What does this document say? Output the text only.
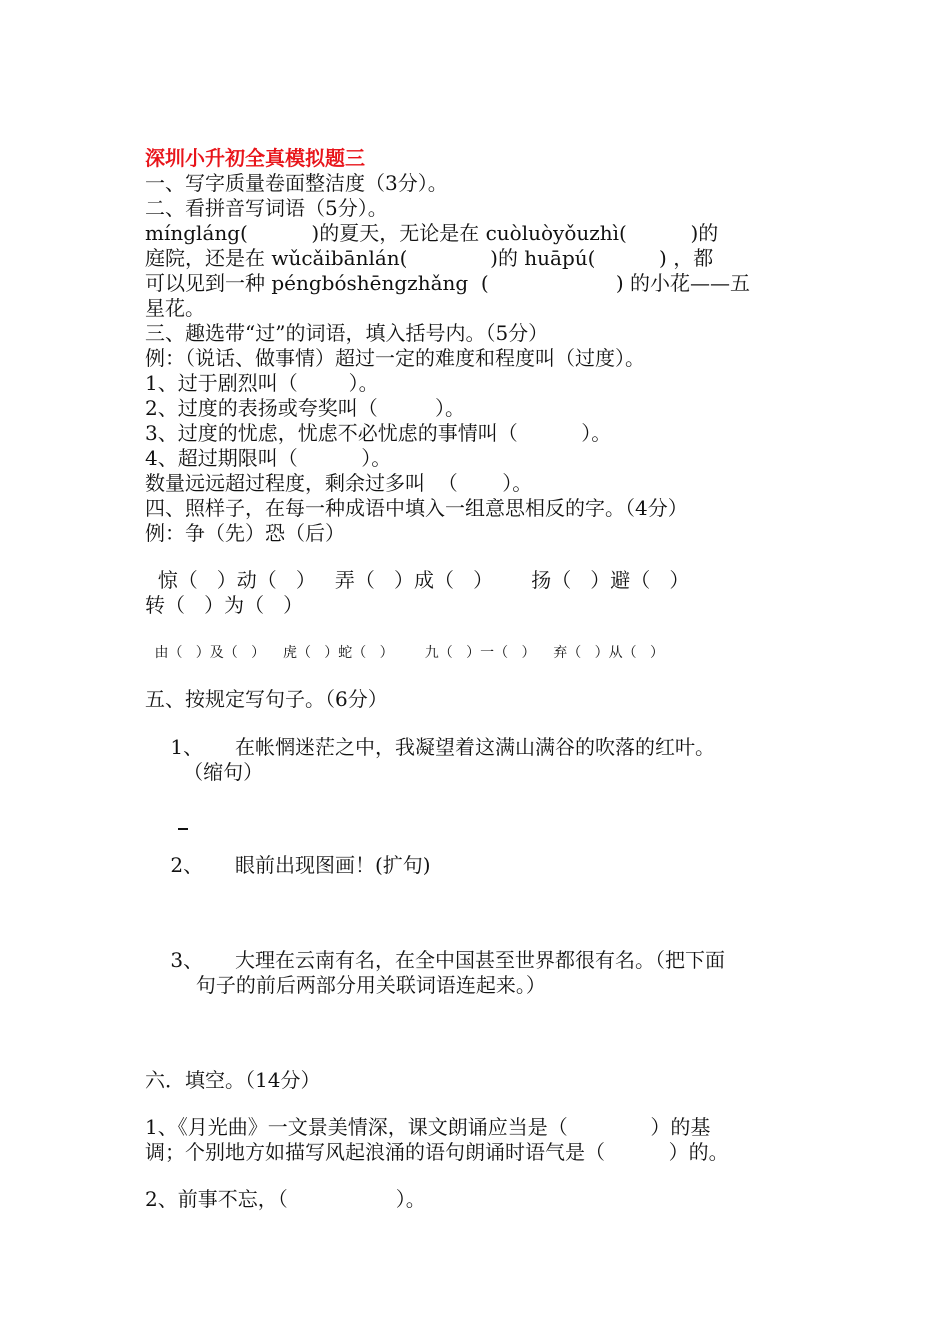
深圳小升初全真模拟题三
一、写字质量卷面整洁度（3分）。
二、看拼音写词语（5分）。
míngláng(          )的夏天，无论是在 cuòluòyǒuzhì(          )的
庭院，还是在 wǔcǎibānlán(             )的 huāpú(          ) ，都
可以见到一种 péngbóshēngzhǎng  (                    ) 的小花——五
星花。
三、趣选带“过”的词语，填入括号内。（5分）
例：（说话、做事情）超过一定的难度和程度叫（过度）。
1、过于剧烈叫（        ）。
2、过度的表扬或夸奖叫（         ）。
3、过度的忧虑，忧虑不必忧虑的事情叫（          ）。
4、超过期限叫（          ）。
数量远远超过程度，剩余过多叫  （       ）。
四、照样子，在每一种成语中填入一组意思相反的字。（4分）
例：争（先）恐（后）
惊（   ）动（   ）   弄（   ）成（   ）      扬（   ）避（   ）
转（   ）为（   ）
由（   ）及（   ）    虎（   ）蛇（   ）       九（   ）一（   ）    弃（   ）从（   ）
五、按规定写句子。（6分）
1、     在帐惘迷茫之中，我凝望着这满山满谷的吹落的红叶。
（缩句）
2、     眼前出现图画！(扩句)
3、     大理在云南有名，在全中国甚至世界都很有名。（把下面
句子的前后两部分用关联词语连起来。）
六．填空。（14分）
1、《月光曲》一文景美情深，课文朗诵应当是（             ）的基
调；个别地方如描写风起浪涌的语句朗诵时语气是（          ）的。
2、前事不忘，（                 ）。
